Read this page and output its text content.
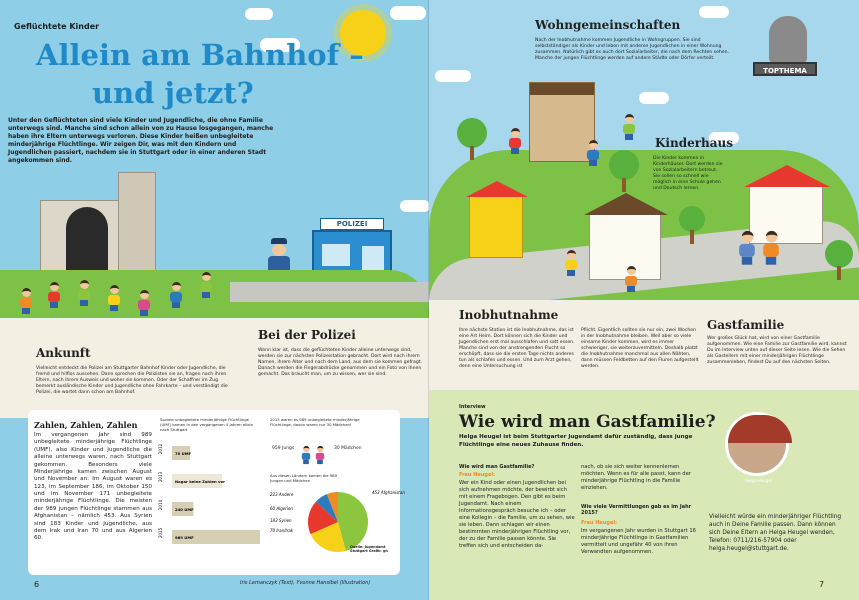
Geflüchtete Kinder
Allein am Bahnhof –
und jetzt?
Unter den Geflüchteten sind viele Kinder und Jugendliche, die ohne Familie unterwegs sind. Manche sind schon allein von zu Hause losgegangen, manche haben ihre Eltern unterwegs verloren. Diese Kinder heißen unbegleitete minderjährige Flüchtlinge. Wir zeigen Dir, was mit den Kindern und Jugendlichen passiert, nachdem sie in Stuttgart oder in einer anderen Stadt angekommen sind.
POLIZEI
Ankunft
Vielleicht entdeckt die Polizei am Stuttgarter Bahnhof Kinder oder Jugendliche, die fremd und hilflos aussehen. Dann sprechen die Polizisten sie an, fragen nach ihren Eltern, nach ihrem Ausweis und woher sie kommen. Oder der Schaffner im Zug bemerkt ausländische Kinder und Jugendliche ohne Fahrkarte – und verständigt die Polizei, die wartet dann schon am Bahnhof.
Bei der Polizei
Wenn klar ist, dass die geflüchteten Kinder alleine unterwegs sind, werden sie zur nächsten Polizeistation gebracht. Dort wird nach ihrem Namen, ihrem Alter und nach dem Land, aus dem sie kommen gefragt. Danach werden die Fingerabdrücke genommen und ein Foto von ihnen gemacht. Das braucht man, um zu wissen, wer sie sind.
Zahlen, Zahlen, Zahlen
Im vergangenen Jahr sind 989 unbegleitete minderjährige Flüchtlinge (UMF), also Kinder und Jugendliche die alleine unterwegs waren, nach Stuttgart gekommen. Besonders viele Minderjährige kamen zwischen August und November an: Im August waren es 123, im September 186, im Oktober 150 und im November 171 unbegleitete minderjährige Flüchtlinge. Die meisten der 989 jungen Flüchtlinge stammen aus Afghanistan – nämlich 453. Aus Syrien sind 183 Kinder und Jugendliche, aus dem Irak und Iran 70 und aus Algerien 60.
Soviele unbegleitete minderjährige Flüchtlinge (UMF) kamen in den vergangenen 4 Jahren allein nach Stuttgart
2012	70 UMF
2013	Nagar keine Zahlen vor
2014	240 UMF
2015	989 UMF
2015 waren es 989 unbegleitete minderjährige Flüchtlinge, davon waren nur 30 Mädchen!
959 Jungs	30 Mädchen
Aus diesen Ländern kamen die 989 Jungen und Mädchen
453 Afghanistan
223 Andere
183 Syrien
70 Iran/Irak
60 Algerien
Quelle: Jugendamt Stuttgart Grafik: gh
6	Iris Lemanczyk (Text), Yvonne Hanslbel (Illustration)
Wohngemeinschaften
Nach der Inobhutnahme kommen Jugendliche in Wohngruppen. Sie sind selbstständiger als Kinder und leben mit anderen Jugendlichen in einer Wohnung zusammen. Natürlich gibt es auch dort Sozialarbeiter, die nach dem Rechten sehen. Manche der jungen Flüchtlinge werden auf andere Städte oder Dörfer verteilt.
TOPTHEMA
Kinderhaus
Die Kinder kommen in Kinderhäuser. Dort werden sie von Sozialarbeitern betreut. Sie sollen so schnell wie möglich in eine Schule gehen und Deutsch lernen.
Inobhutnahme
Ihre nächste Station ist die Inobhutnahme, das ist eine Art Heim. Dort können sich die Kinder und Jugendlichen erst mal ausschlafen und satt essen. Manche sind von der anstrengenden Flucht so erschöpft, dass sie die ersten Tage nichts anderes tun als schlafen und essen. Und zum Arzt gehen, denn eine Untersuchung ist
Pflicht. Eigentlich sollten sie nur ein, zwei Wochen in der Inobhutnahme bleiben. Weil aber so viele einsame Kinder kommen, wird es immer schwieriger, sie weiterzuvermitteln. Deshalb platzt die Inobhutnahme manchmal aus allen Nähten, dann müssen Feldbetten auf den Fluren aufgestellt werden.
Gastfamilie
Wer großes Glück hat, wird von einer Gastfamilie aufgenommen. Wie eine Familie zur Gastfamilie wird, kannst Du im Interview unten auf dieser Seite lesen. Wie die Sehen als Gastellern mit einer minderjährigen Flüchtlinge zusammenleben, findest Du auf den nächsten Seiten.
Interview
Wie wird man Gastfamilie?
Helga Heugel ist beim Stuttgarter Jugendamt dafür zuständig, dass junge Flüchtlinge eine neues Zuhause finden.
Wie wird man Gastfamilie?
Frau Heugel:
Wer ein Kind oder einen Jugendlichen bei sich aufnehmen möchte, der bewirbt sich mit einem Fragebogen. Den gibt es beim Jugendamt. Nach einem Informationsgespräch besuche ich – oder eine Kollegin – die Familie, um zu sehen, wie sie leben. Dann schlagen wir einen bestimmten minderjährigen Flüchtling vor, der zu der Familie passen könnte. Sie treffen sich und entscheiden da-
nach, ob sie sich weiter kennenlernen möchten. Wenn es für alle passt, kann der minderjährige Flüchtling in die Familie einziehen.
Wie viele Vermittlungen gab es im Jahr 2015?
Frau Heugel:
Im vergangenen Jahr wurden in Stuttgart 16 minderjährige Flüchtlinge in Gastfamilien vermittelt und ungefähr 40 von ihren Verwandten aufgenommen.
Helga Heugel
Vielleicht würde ein minderjähriger Flüchtling auch in Deine Familie passen. Dann können sich Deine Eltern an Helga Heugel wenden, Telefon: 0711/216-57904 oder helga.heugel@stuttgart.de.
7
